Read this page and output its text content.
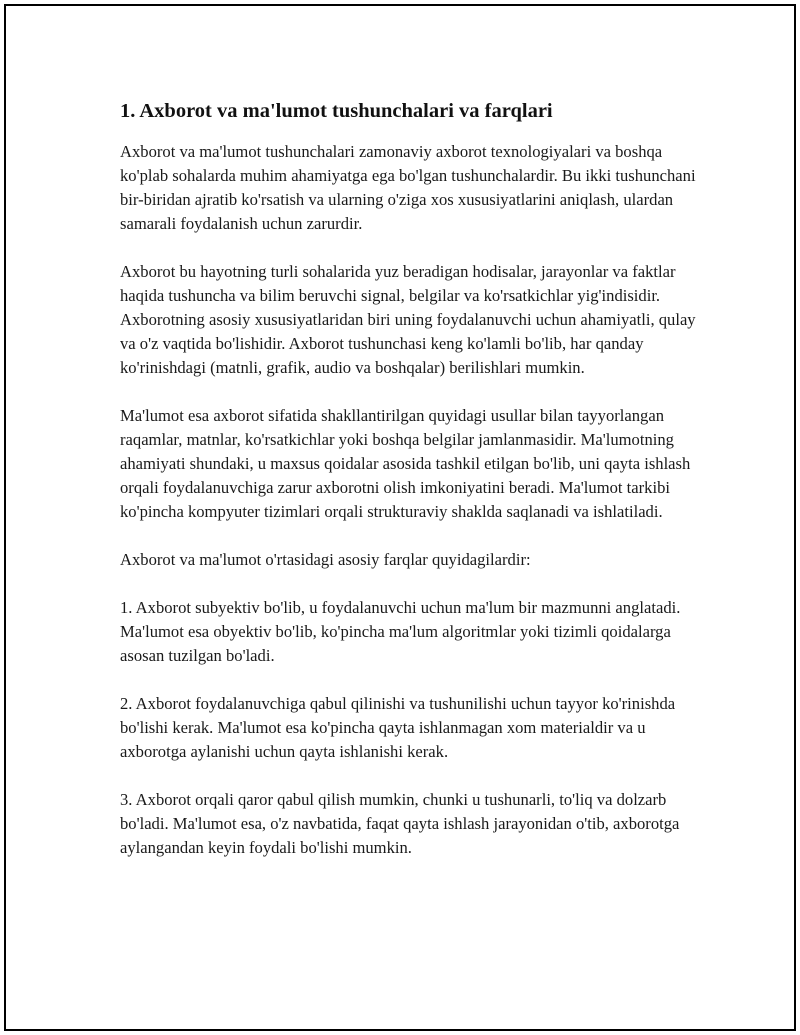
1. Axborot va ma'lumot tushunchalari va farqlari

Axborot va ma'lumot tushunchalari zamonaviy axborot texnologiyalari va boshqa ko'plab sohalarda muhim ahamiyatga ega bo'lgan tushunchalardir. Bu ikki tushunchani bir-biridan ajratib ko'rsatish va ularning o'ziga xos xususiyatlarini aniqlash, ulardan samarali foydalanish uchun zarurdir.

Axborot bu hayotning turli sohalarida yuz beradigan hodisalar, jarayonlar va faktlar haqida tushuncha va bilim beruvchi signal, belgilar va ko'rsatkichlar yig'indisidir. Axborotning asosiy xususiyatlaridan biri uning foydalanuvchi uchun ahamiyatli, qulay va o'z vaqtida bo'lishidir. Axborot tushunchasi keng ko'lamli bo'lib, har qanday ko'rinishdagi (matnli, grafik, audio va boshqalar) berilishlari mumkin.

Ma'lumot esa axborot sifatida shakllantirilgan quyidagi usullar bilan tayyorlangan raqamlar, matnlar, ko'rsatkichlar yoki boshqa belgilar jamlanmasidir. Ma'lumotning ahamiyati shundaki, u maxsus qoidalar asosida tashkil etilgan bo'lib, uni qayta ishlash orqali foydalanuvchiga zarur axborotni olish imkoniyatini beradi. Ma'lumot tarkibi ko'pincha kompyuter tizimlari orqali strukturaviy shaklda saqlanadi va ishlatiladi.

Axborot va ma'lumot o'rtasidagi asosiy farqlar quyidagilardir:

1. Axborot subyektiv bo'lib, u foydalanuvchi uchun ma'lum bir mazmunni anglatadi. Ma'lumot esa obyektiv bo'lib, ko'pincha ma'lum algoritmlar yoki tizimli qoidalarga asosan tuzilgan bo'ladi.

2. Axborot foydalanuvchiga qabul qilinishi va tushunilishi uchun tayyor ko'rinishda bo'lishi kerak. Ma'lumot esa ko'pincha qayta ishlanmagan xom materialdir va u axborotga aylanishi uchun qayta ishlanishi kerak.

3. Axborot orqali qaror qabul qilish mumkin, chunki u tushunarli, to'liq va dolzarb bo'ladi. Ma'lumot esa, o'z navbatida, faqat qayta ishlash jarayonidan o'tib, axborotga aylangandan keyin foydali bo'lishi mumkin.
